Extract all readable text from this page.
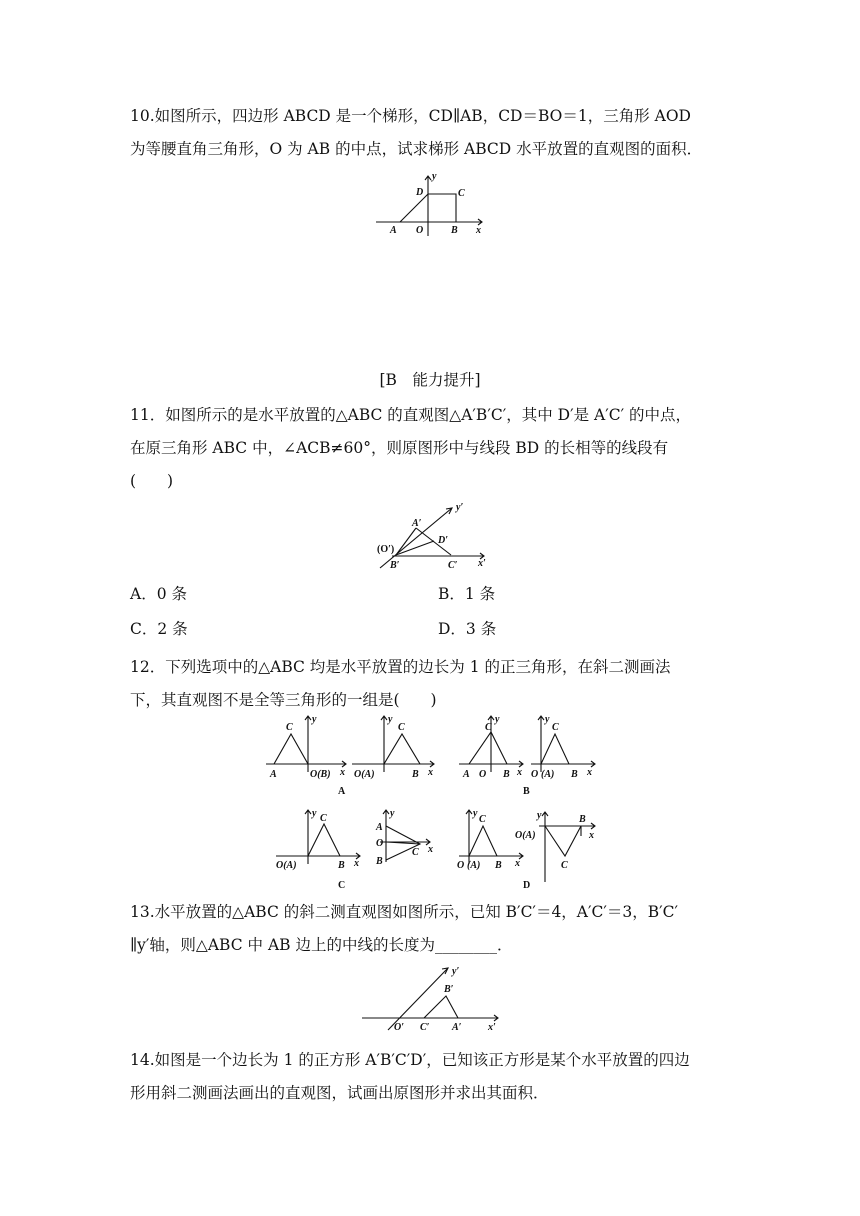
10.如图所示，四边形 ABCD 是一个梯形，CD∥AB，CD＝BO＝1，三角形 AOD
为等腰直角三角形，O 为 AB 的中点，试求梯形 ABCD 水平放置的直观图的面积．
y
D	C
A O	B x
[B　能力提升]
11．如图所示的是水平放置的△ABC 的直观图△A′B′C′，其中 D′是 A′C′ 的中点，
在原三角形 ABC 中，∠ACB≠60°，则原图形中与线段 BD 的长相等的线段有
(　　)
y′
A′
D′
(O′)
B′	C′ x′
A．0 条	B．1 条
C．2 条	D．3 条
12．下列选项中的△ABC 均是水平放置的边长为 1 的正三角形，在斜二测画法
下，其直观图不是全等三角形的一组是(　　)
C
y
A	O(B) x
C
y
O(A)	B x
A
C
y
A O B x
C
y
O (A) B x
B
C
y
O(A)	B x
y
A
O
B
C x
C
C
y
O (A) B x
y
O(A)
B
x
C
D
13.水平放置的△ABC 的斜二测直观图如图所示，已知 B′C′＝4，A′C′＝3，B′C′
∥y′轴，则△ABC 中 AB 边上的中线的长度为________．
y′
B′
O′ C′ A′	x′
14.如图是一个边长为 1 的正方形 A′B′C′D′，已知该正方形是某个水平放置的四边
形用斜二测画法画出的直观图，试画出原图形并求出其面积．
